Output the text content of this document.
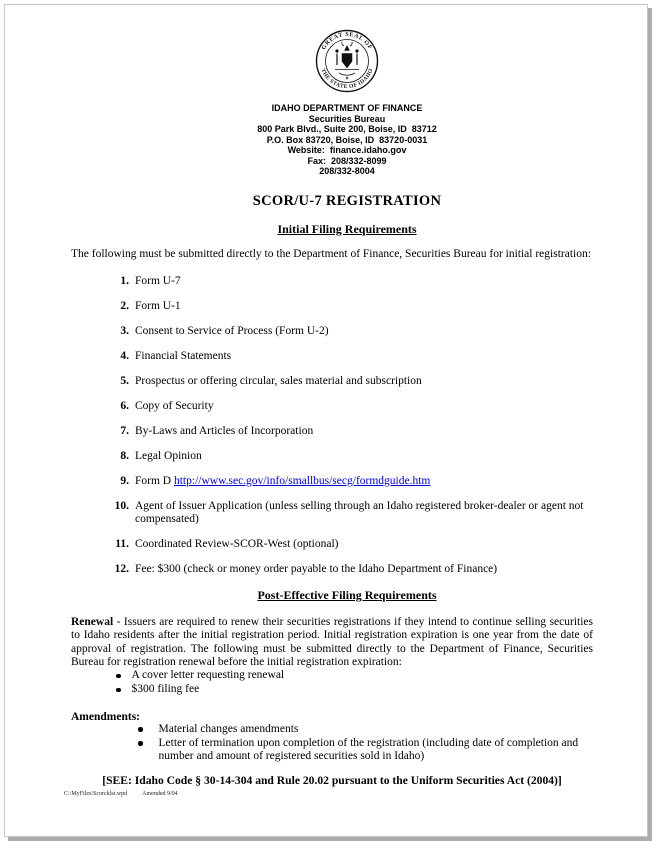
GREAT SEAL OF
THE STATE OF IDAHO
★
IDAHO DEPARTMENT OF FINANCE
Securities Bureau
800 Park Blvd., Suite 200, Boise, ID  83712
P.O. Box 83720, Boise, ID  83720-0031
Website:  finance.idaho.gov
Fax:  208/332-8099
208/332-8004
SCOR/U-7 REGISTRATION
Initial Filing Requirements

The following must be submitted directly to the Department of Finance, Securities Bureau for initial registration:

1. Form U-7
2. Form U-1
3. Consent to Service of Process (Form U-2)
4. Financial Statements
5. Prospectus or offering circular, sales material and subscription
6. Copy of Security
7. By-Laws and Articles of Incorporation
8. Legal Opinion
9. Form D http://www.sec.gov/info/smallbus/secg/formdguide.htm
10. Agent of Issuer Application (unless selling through an Idaho registered broker-dealer or agent not compensated)
11. Coordinated Review-SCOR-West (optional)
12. Fee: $300 (check or money order payable to the Idaho Department of Finance)
Post-Effective Filing Requirements

Renewal - Issuers are required to renew their securities registrations if they intend to continue selling securities to Idaho residents after the initial registration period. Initial registration expiration is one year from the date of approval of registration. The following must be submitted directly to the Department of Finance, Securities Bureau for registration renewal before the initial registration expiration:

A cover letter requesting renewal
$300 filing fee
Amendments:
Material changes amendments
Letter of termination upon completion of the registration (including date of completion and number and amount of registered securities sold in Idaho)
[SEE: Idaho Code § 30-14-304 and Rule 20.02 pursuant to the Uniform Securities Act (2004)]
C:\MyFiles\Scorcklst.wpd	Amended 9/04
